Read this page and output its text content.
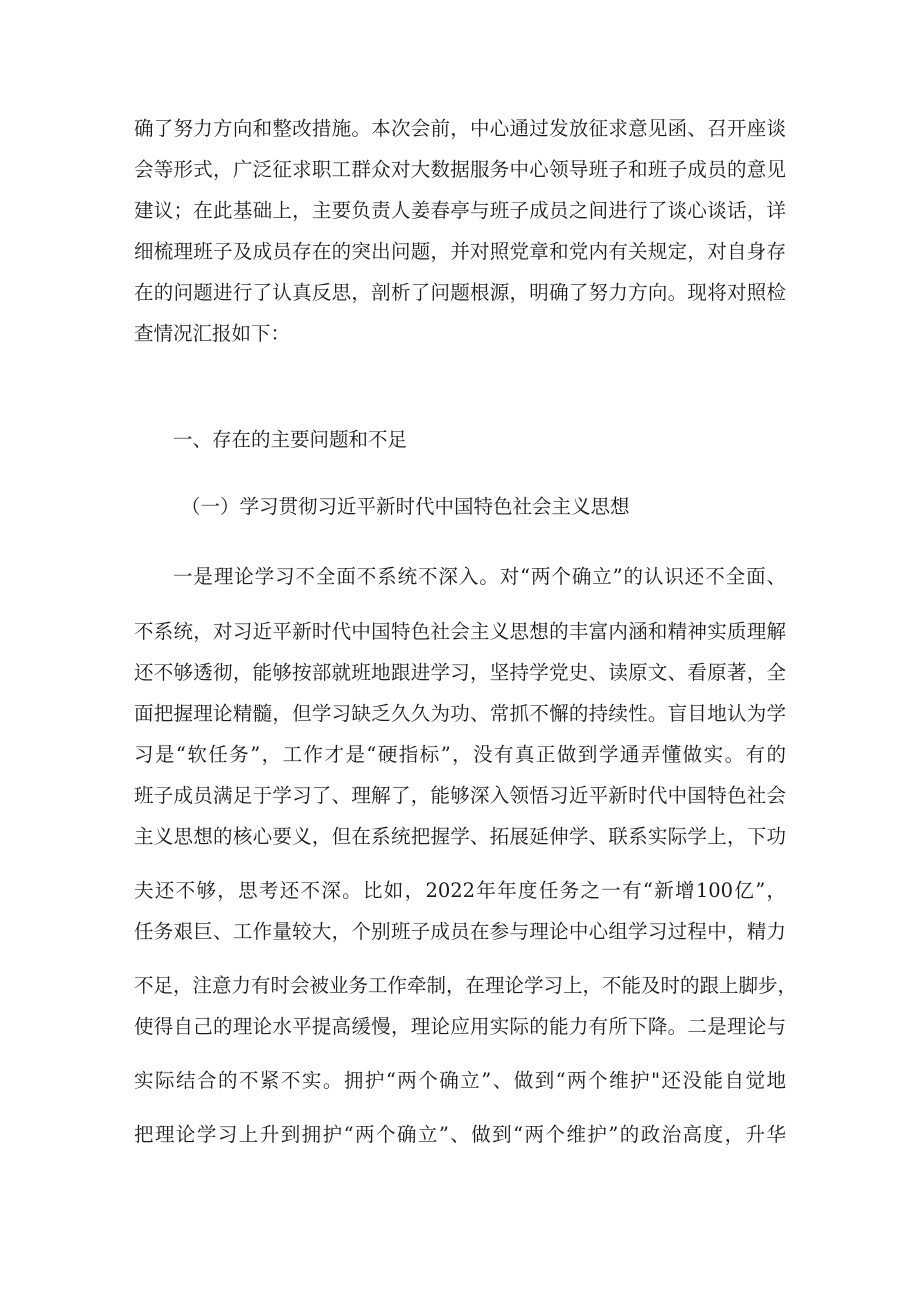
确了努力方向和整改措施。本次会前，中心通过发放征求意见函、召开座谈
会等形式，广泛征求职工群众对大数据服务中心领导班子和班子成员的意见
建议；在此基础上，主要负责人姜春亭与班子成员之间进行了谈心谈话，详
细梳理班子及成员存在的突出问题，并对照党章和党内有关规定，对自身存
在的问题进行了认真反思，剖析了问题根源，明确了努力方向。现将对照检
查情况汇报如下：
一、存在的主要问题和不足
（一）学习贯彻习近平新时代中国特色社会主义思想
一是理论学习不全面不系统不深入。对“两个确立”的认识还不全面、
不系统，对习近平新时代中国特色社会主义思想的丰富内涵和精神实质理解
还不够透彻，能够按部就班地跟进学习，坚持学党史、读原文、看原著，全
面把握理论精髓，但学习缺乏久久为功、常抓不懈的持续性。盲目地认为学
习是“软任务”，工作才是“硬指标”，没有真正做到学通弄懂做实。有的
班子成员满足于学习了、理解了，能够深入领悟习近平新时代中国特色社会
主义思想的核心要义，但在系统把握学、拓展延伸学、联系实际学上，下功
夫还不够，思考还不深。比如，2022年年度任务之一有“新增100亿”，
任务艰巨、工作量较大，个别班子成员在参与理论中心组学习过程中，精力
不足，注意力有时会被业务工作牵制，在理论学习上，不能及时的跟上脚步，
使得自己的理论水平提高缓慢，理论应用实际的能力有所下降。二是理论与
实际结合的不紧不实。拥护“两个确立”、做到“两个维护"还没能自觉地
把理论学习上升到拥护“两个确立”、做到“两个维护”的政治高度，升华
